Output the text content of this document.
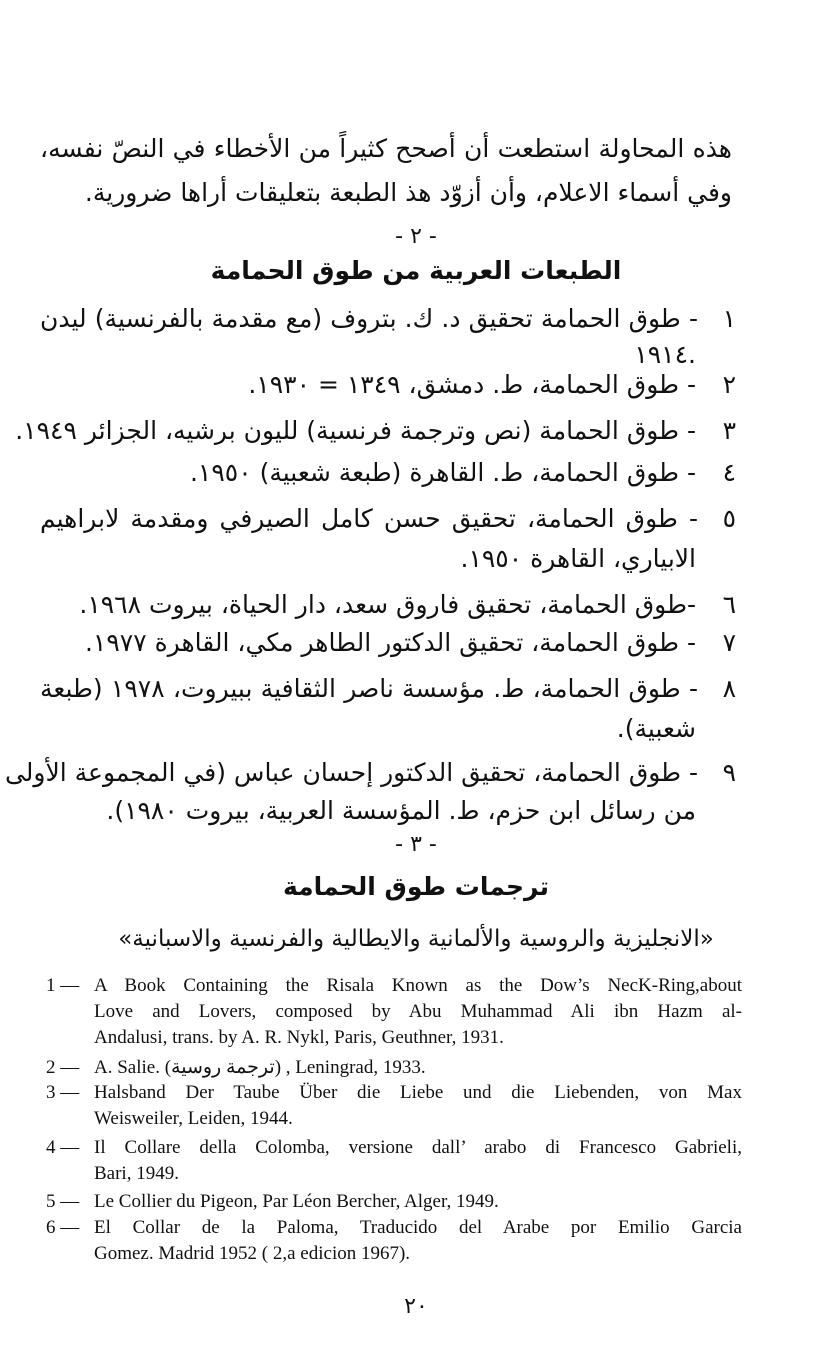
هذه المحاولة استطعت أن أصحح كثيراً من الأخطاء في النصّ نفسه،
وفي أسماء الاعلام، وأن أزوّد هذ الطبعة بتعليقات أراها ضرورية.
- ٢ -
الطبعات العربية من طوق الحمامة
١
- طوق الحمامة تحقيق د. ك. بتروف (مع مقدمة بالفرنسية) ليدن
.١٩١٤
٢
- طوق الحمامة، ط. دمشق، ١٣٤٩ = ١٩٣٠.
٣
- طوق الحمامة (نص وترجمة فرنسية) لليون برشيه، الجزائر ١٩٤٩.
٤
- طوق الحمامة، ط. القاهرة (طبعة شعبية) ١٩٥٠.
٥
- طوق الحمامة، تحقيق حسن كامل الصيرفي ومقدمة لابراهيم
الابياري، القاهرة ١٩٥٠.
٦
-طوق الحمامة، تحقيق فاروق سعد، دار الحياة، بيروت ١٩٦٨.
٧
- طوق الحمامة، تحقيق الدكتور الطاهر مكي، القاهرة ١٩٧٧.
٨
- طوق الحمامة، ط. مؤسسة ناصر الثقافية ببيروت، ١٩٧٨ (طبعة
شعبية).
٩
- طوق الحمامة، تحقيق الدكتور إحسان عباس (في المجموعة الأولى
من رسائل ابن حزم، ط. المؤسسة العربية، بيروت ١٩٨٠).
- ٣ -
ترجمات طوق الحمامة
«الانجليزية والروسية والألمانية والايطالية والفرنسية والاسبانية»
1 — A Book Containing the Risala Known as the Dow’s NecK-Ring,about
Love and Lovers, composed by Abu Muhammad Ali ibn Hazm al-
Andalusi, trans. by A. R. Nykl, Paris, Geuthner, 1931.
2 — A. Salie. (ترجمة روسية) , Leningrad, 1933.
3 — Halsband Der Taube Über die Liebe und die Liebenden, von Max
Weisweiler, Leiden, 1944.
4 — Il Collare della Colomba, versione dall’ arabo di Francesco Gabrieli,
Bari, 1949.
5 — Le Collier du Pigeon, Par Léon Bercher, Alger, 1949.
6 — El Collar de la Paloma, Traducido del Arabe por Emilio Garcia
Gomez. Madrid 1952 ( 2,a edicion 1967).
٢٠
